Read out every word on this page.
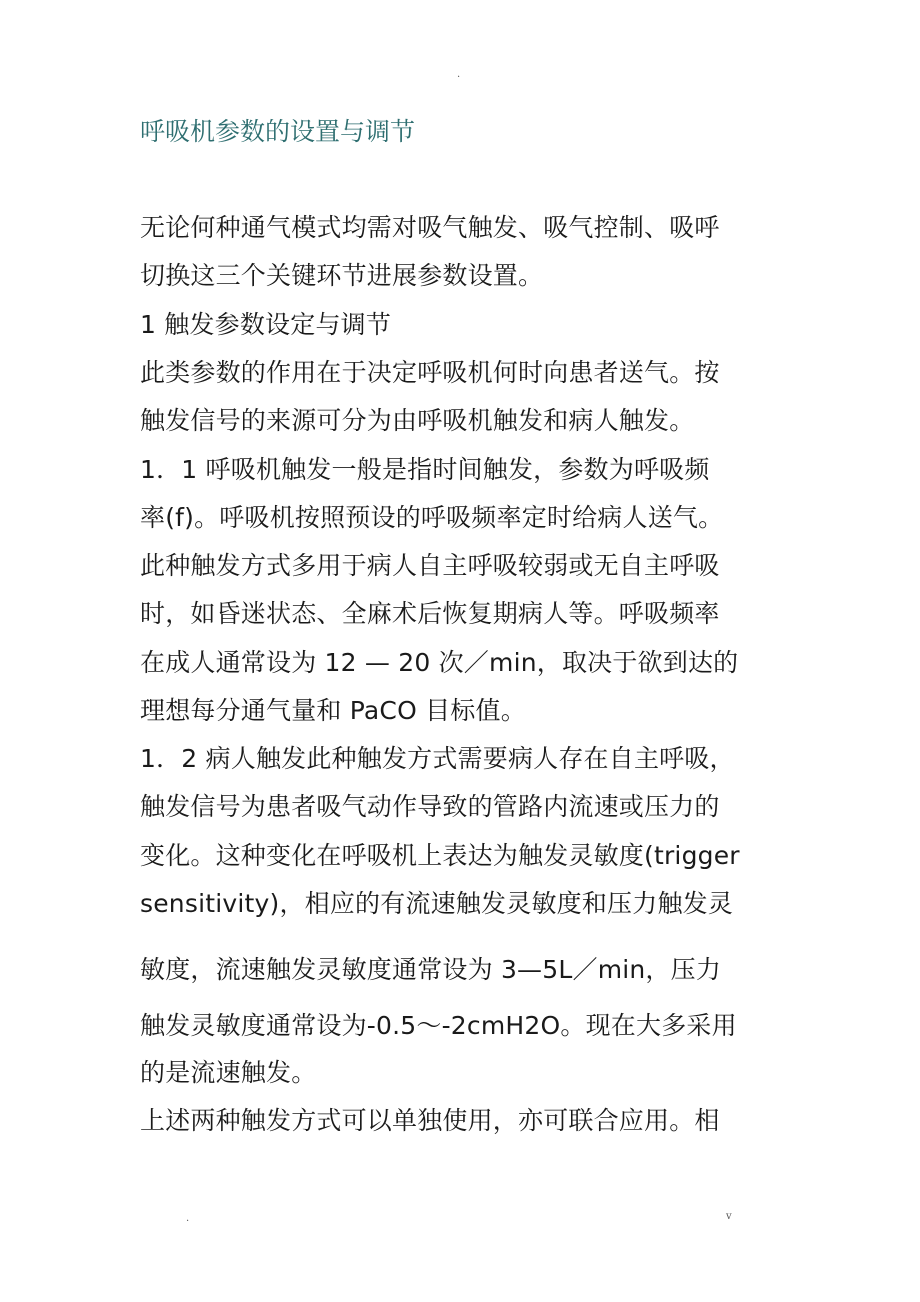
.
呼吸机参数的设置与调节
无论何种通气模式均需对吸气触发、吸气控制、吸呼
切换这三个关键环节进展参数设置。
1 触发参数设定与调节
此类参数的作用在于决定呼吸机何时向患者送气。按
触发信号的来源可分为由呼吸机触发和病人触发。
1．1 呼吸机触发一般是指时间触发，参数为呼吸频
率(f)。呼吸机按照预设的呼吸频率定时给病人送气。
此种触发方式多用于病人自主呼吸较弱或无自主呼吸
时，如昏迷状态、全麻术后恢复期病人等。呼吸频率
在成人通常设为 12 — 20 次／min，取决于欲到达的
理想每分通气量和 PaCO 目标值。
1．2 病人触发此种触发方式需要病人存在自主呼吸，
触发信号为患者吸气动作导致的管路内流速或压力的
变化。这种变化在呼吸机上表达为触发灵敏度(trigger
sensitivity)，相应的有流速触发灵敏度和压力触发灵
敏度，流速触发灵敏度通常设为 3—5L／min，压力
触发灵敏度通常设为-0.5～-2cmH2O。现在大多采用
的是流速触发。
上述两种触发方式可以单独使用，亦可联合应用。相
.	v
